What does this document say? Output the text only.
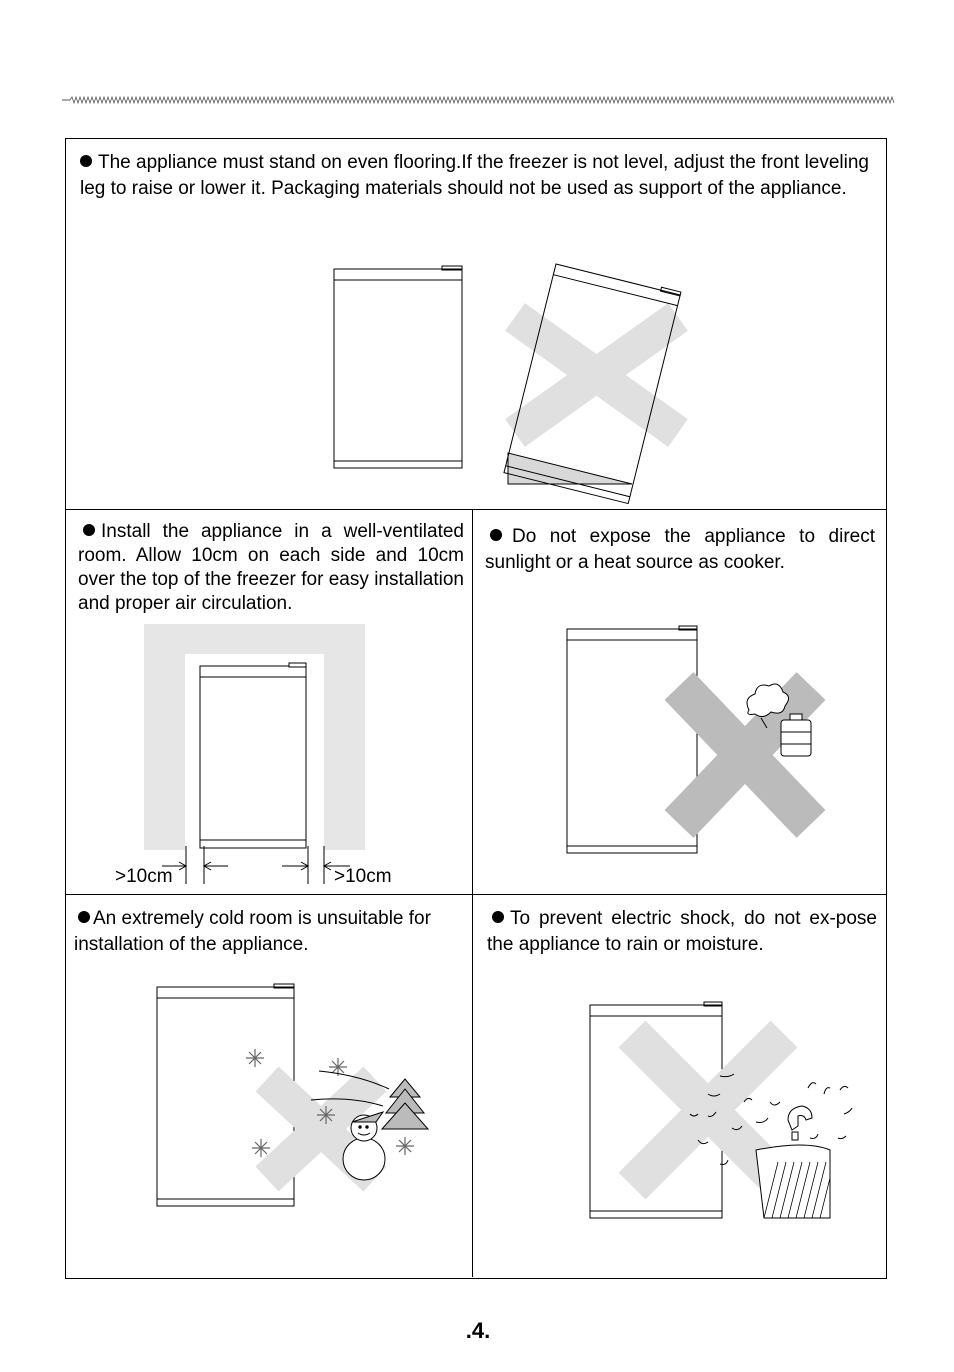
The appliance must stand on even flooring.If the freezer is not level, adjust the front leveling leg to raise or lower it. Packaging materials should not be used as support of the appliance.

Install the appliance in a well-ventilated room. Allow 10cm on each side and 10cm over the top of the freezer for easy installation and proper air circulation.

>10cm	>10cm

Do not expose the appliance to direct sunlight or a heat source as cooker.

An extremely cold room is unsuitable for installation of the appliance.

To prevent electric shock, do not ex-pose the appliance to rain or moisture.

.4.
